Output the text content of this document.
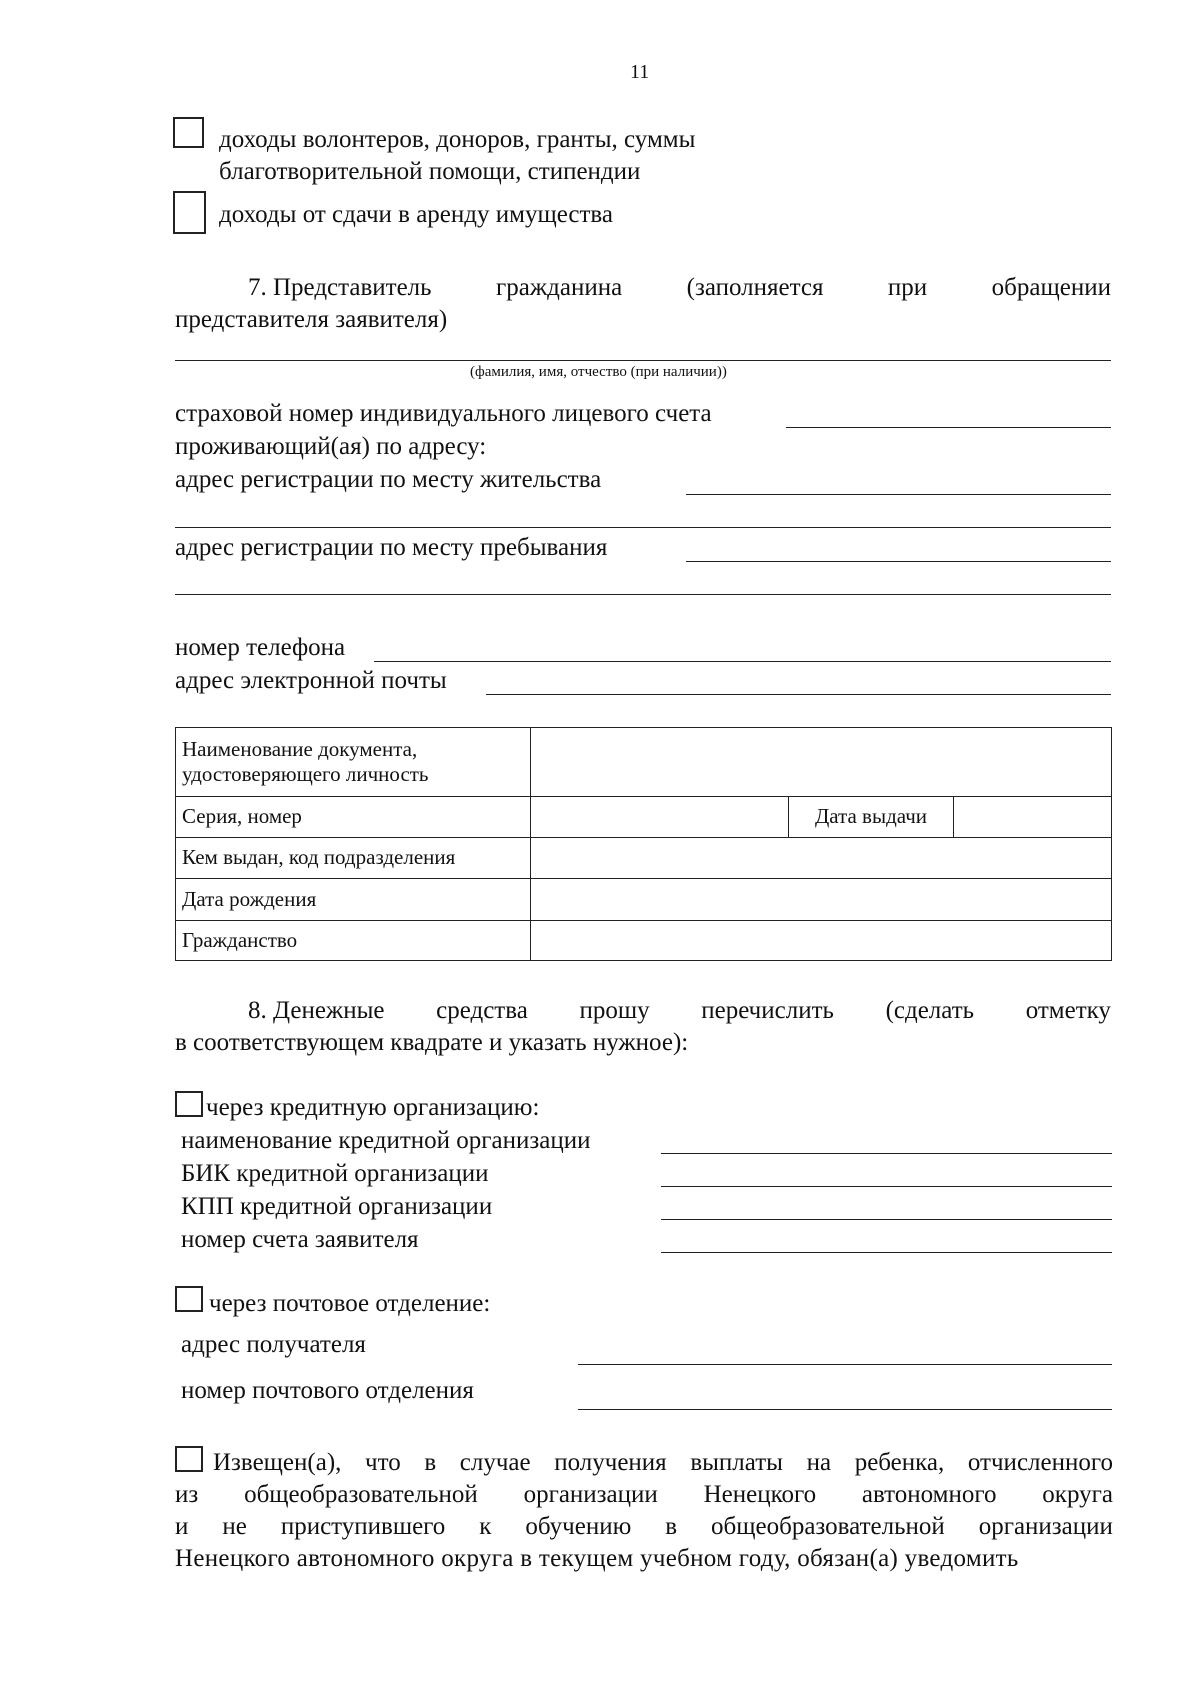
11
доходы волонтеров, доноров, гранты, суммы
благотворительной помощи, стипендии
доходы от сдачи в аренду имущества
7. Представитель	гражданина	(заполняется	при	обращении
представителя заявителя)
(фамилия, имя, отчество (при наличии))
страховой номер индивидуального лицевого счета
проживающий(ая) по адресу:
адрес регистрации по месту жительства
адрес регистрации по месту пребывания
номер телефона
адрес электронной почты
Наименование документа,
удостоверяющего личность			
Серия, номер		Дата выдачи	
Кем выдан, код подразделения			
Дата рождения			
Гражданство			
8. Денежные средства прошу перечислить (сделать отметку
в соответствующем квадрате и указать нужное):
через кредитную организацию:
наименование кредитной организации
БИК кредитной организации
КПП кредитной организации
номер счета заявителя
через почтовое отделение:
адрес получателя
номер почтового отделения
Извещен(а), что в случае получения выплаты на ребенка, отчисленного
из общеобразовательной организации Ненецкого автономного округа
и не приступившего к обучению в общеобразовательной организации
Ненецкого автономного округа в текущем учебном году, обязан(а) уведомить
